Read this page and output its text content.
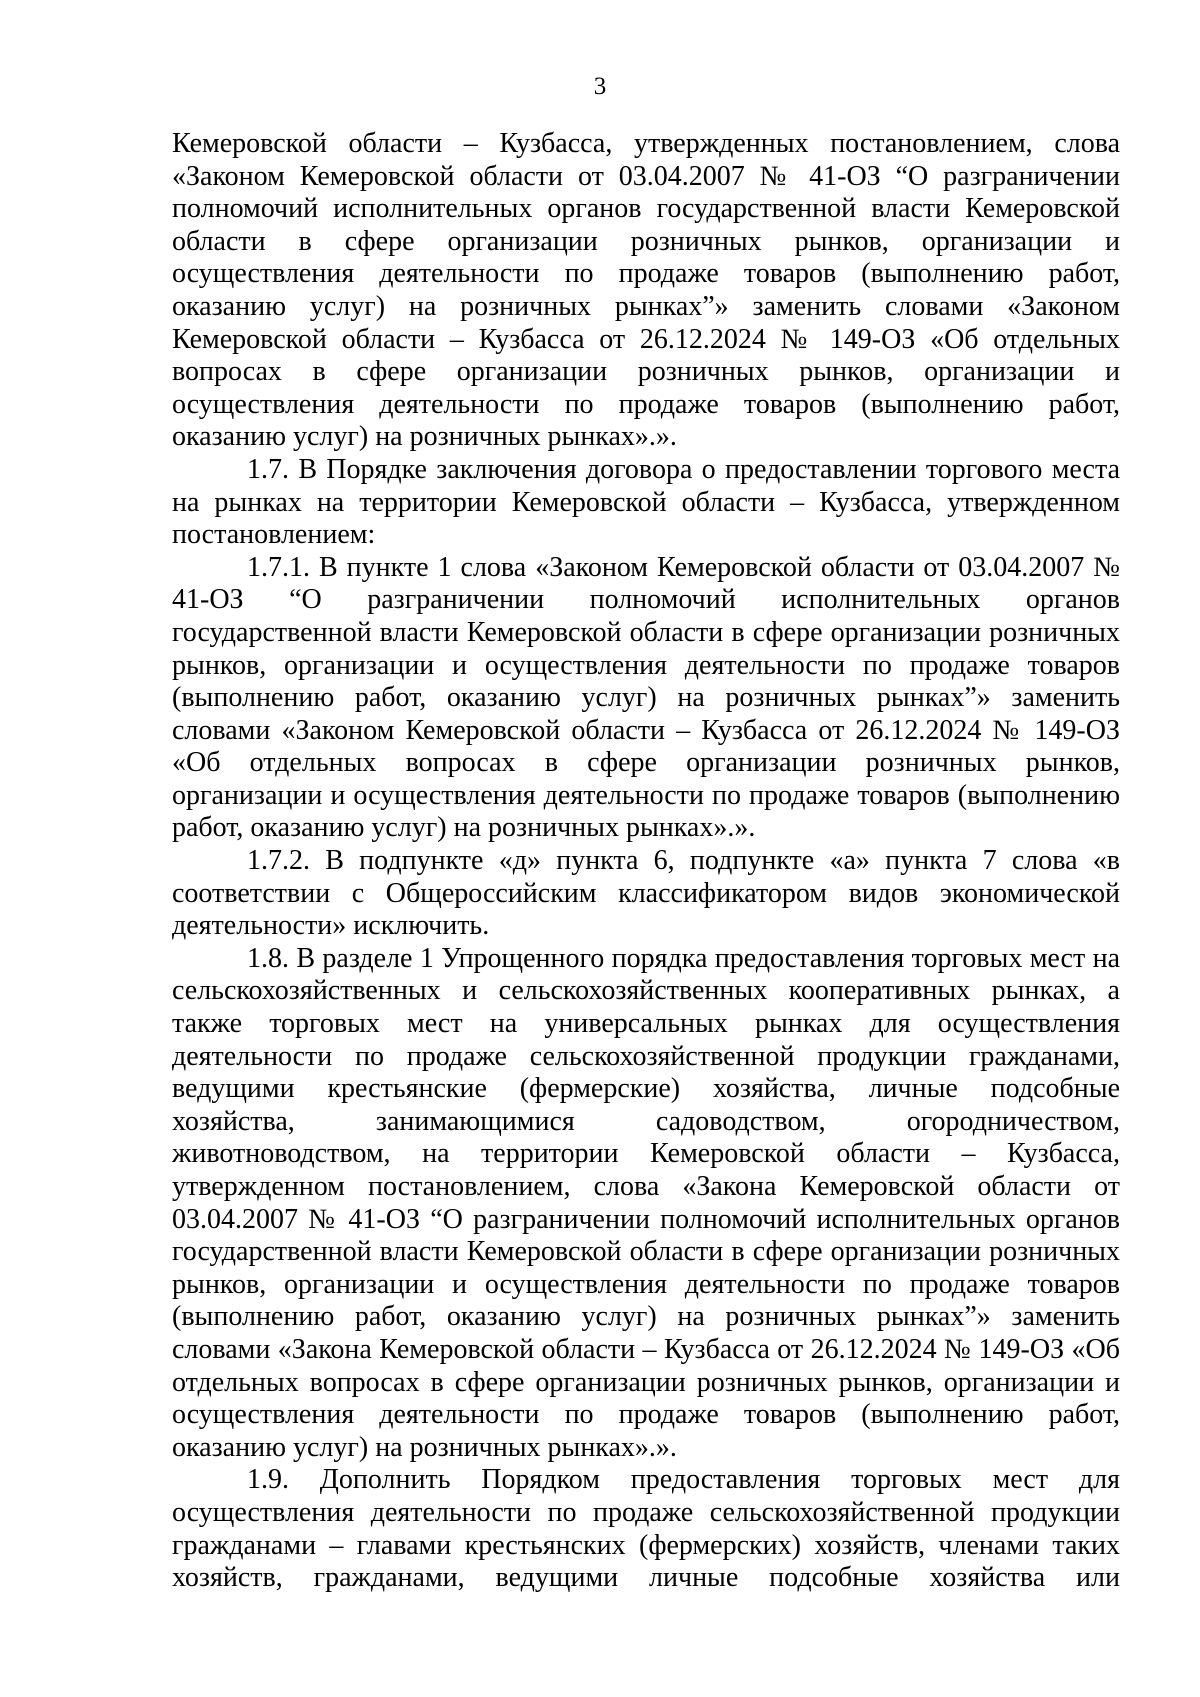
3

Кемеровской области – Кузбасса, утвержденных постановлением, слова «Законом Кемеровской области от 03.04.2007 № 41-ОЗ “О разграничении полномочий исполнительных органов государственной власти Кемеровской области в сфере организации розничных рынков, организации и осуществления деятельности по продаже товаров (выполнению работ, оказанию услуг) на розничных рынках”» заменить словами «Законом Кемеровской области – Кузбасса от 26.12.2024 № 149-ОЗ «Об отдельных вопросах в сфере организации розничных рынков, организации и осуществления деятельности по продаже товаров (выполнению работ, оказанию услуг) на розничных рынках».».

1.7. В Порядке заключения договора о предоставлении торгового места на рынках на территории Кемеровской области – Кузбасса, утвержденном постановлением:

1.7.1. В пункте 1 слова «Законом Кемеровской области от 03.04.2007 № 41-ОЗ “О разграничении полномочий исполнительных органов государственной власти Кемеровской области в сфере организации розничных рынков, организации и осуществления деятельности по продаже товаров (выполнению работ, оказанию услуг) на розничных рынках”» заменить словами «Законом Кемеровской области – Кузбасса от 26.12.2024 № 149-ОЗ «Об отдельных вопросах в сфере организации розничных рынков, организации и осуществления деятельности по продаже товаров (выполнению работ, оказанию услуг) на розничных рынках».».

1.7.2. В подпункте «д» пункта 6, подпункте «а» пункта 7 слова «в соответствии с Общероссийским классификатором видов экономической деятельности» исключить.

1.8. В разделе 1 Упрощенного порядка предоставления торговых мест на сельскохозяйственных и сельскохозяйственных кооперативных рынках, а также торговых мест на универсальных рынках для осуществления деятельности по продаже сельскохозяйственной продукции гражданами, ведущими крестьянские (фермерские) хозяйства, личные подсобные хозяйства, занимающимися садоводством, огородничеством, животноводством, на территории Кемеровской области – Кузбасса, утвержденном постановлением, слова «Закона Кемеровской области от 03.04.2007 № 41-ОЗ “О разграничении полномочий исполнительных органов государственной власти Кемеровской области в сфере организации розничных рынков, организации и осуществления деятельности по продаже товаров (выполнению работ, оказанию услуг) на розничных рынках”» заменить словами «Закона Кемеровской области – Кузбасса от 26.12.2024 № 149-ОЗ «Об отдельных вопросах в сфере организации розничных рынков, организации и осуществления деятельности по продаже товаров (выполнению работ, оказанию услуг) на розничных рынках».».

1.9. Дополнить Порядком предоставления торговых мест для осуществления деятельности по продаже сельскохозяйственной продукции гражданами – главами крестьянских (фермерских) хозяйств, членами таких хозяйств, гражданами, ведущими личные подсобные хозяйства или
